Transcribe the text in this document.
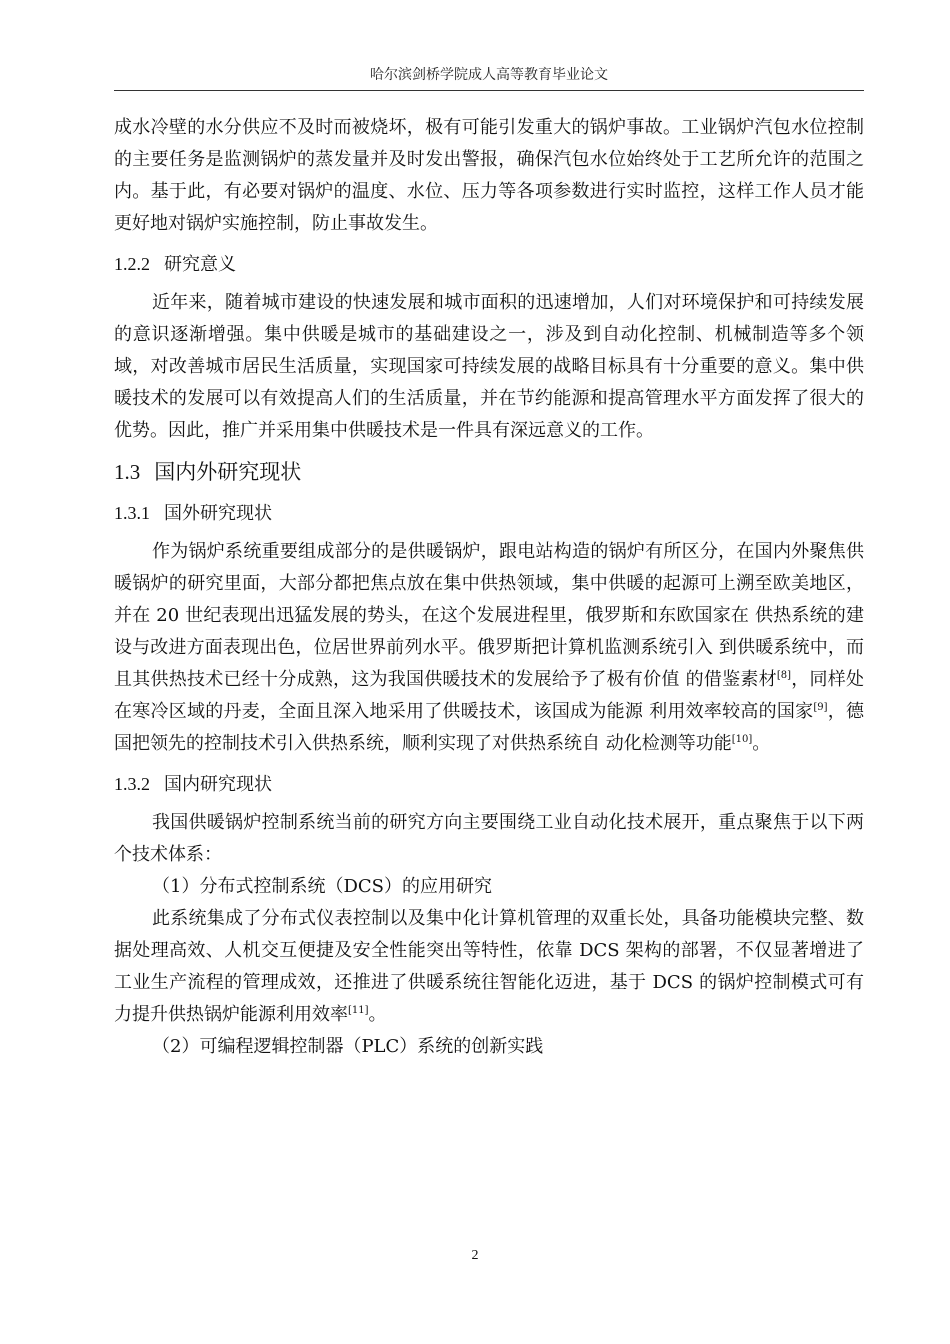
哈尔滨剑桥学院成人高等教育毕业论文

成水冷壁的水分供应不及时而被烧坏，极有可能引发重大的锅炉事故。工业锅炉汽包水位控制的主要任务是监测锅炉的蒸发量并及时发出警报，确保汽包水位始终处于工艺所允许的范围之内。基于此，有必要对锅炉的温度、水位、压力等各项参数进行实时监控，这样工作人员才能更好地对锅炉实施控制，防止事故发生。

1.2.2 研究意义

近年来，随着城市建设的快速发展和城市面积的迅速增加，人们对环境保护和可持续发展的意识逐渐增强。集中供暖是城市的基础建设之一，涉及到自动化控制、机械制造等多个领域，对改善城市居民生活质量，实现国家可持续发展的战略目标具有十分重要的意义。集中供暖技术的发展可以有效提高人们的生活质量，并在节约能源和提高管理水平方面发挥了很大的优势。因此，推广并采用集中供暖技术是一件具有深远意义的工作。

1.3 国内外研究现状
1.3.1 国外研究现状

作为锅炉系统重要组成部分的是供暖锅炉，跟电站构造的锅炉有所区分，在国内外聚焦供暖锅炉的研究里面，大部分都把焦点放在集中供热领域，集中供暖的起源可上溯至欧美地区，并在 20 世纪表现出迅猛发展的势头，在这个发展进程里，俄罗斯和东欧国家在 供热系统的建设与改进方面表现出色，位居世界前列水平。俄罗斯把计算机监测系统引入 到供暖系统中，而且其供热技术已经十分成熟，这为我国供暖技术的发展给予了极有价值 的借鉴素材[8]，同样处在寒冷区域的丹麦，全面且深入地采用了供暖技术，该国成为能源 利用效率较高的国家[9]，德国把领先的控制技术引入供热系统，顺利实现了对供热系统自 动化检测等功能[10]。

1.3.2 国内研究现状

我国供暖锅炉控制系统当前的研究方向主要围绕工业自动化技术展开，重点聚焦于以下两个技术体系：

（1）分布式控制系统（DCS）的应用研究

此系统集成了分布式仪表控制以及集中化计算机管理的双重长处，具备功能模块完整、数据处理高效、人机交互便捷及安全性能突出等特性，依靠 DCS 架构的部署，不仅显著增进了工业生产流程的管理成效，还推进了供暖系统往智能化迈进，基于 DCS 的锅炉控制模式可有力提升供热锅炉能源利用效率[11]。

（2）可编程逻辑控制器（PLC）系统的创新实践

2
